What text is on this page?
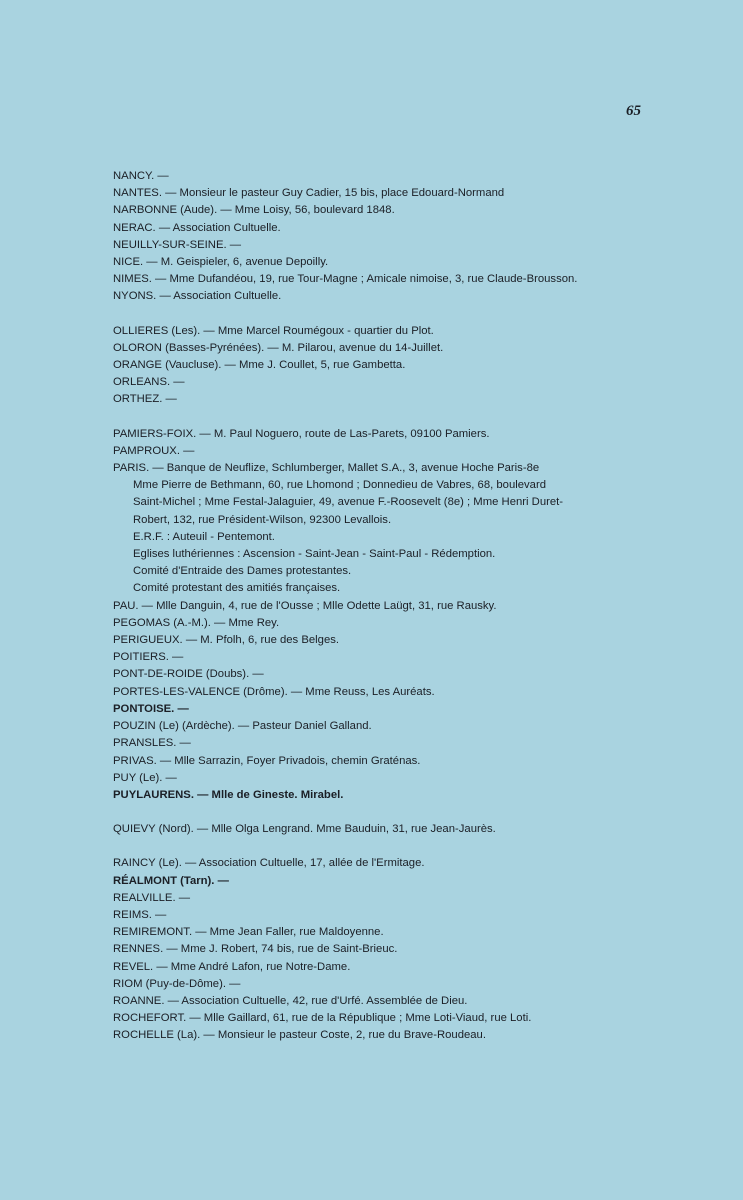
65

NANCY. —

NANTES. — Monsieur le pasteur Guy Cadier, 15 bis, place Edouard-Normand

NARBONNE (Aude). — Mme Loisy, 56, boulevard 1848.

NERAC. — Association Cultuelle.

NEUILLY-SUR-SEINE. —

NICE. — M. Geispieler, 6, avenue Depoilly.

NIMES. — Mme Dufandéou, 19, rue Tour-Magne ; Amicale nimoise, 3, rue Claude-Brousson.

NYONS. — Association Cultuelle.

OLLIERES (Les). — Mme Marcel Roumégoux - quartier du Plot.

OLORON (Basses-Pyrénées). — M. Pilarou, avenue du 14-Juillet.

ORANGE (Vaucluse). — Mme J. Coullet, 5, rue Gambetta.

ORLEANS. —

ORTHEZ. —

PAMIERS-FOIX. — M. Paul Noguero, route de Las-Parets, 09100 Pamiers.

PAMPROUX. —

PARIS. — Banque de Neuflize, Schlumberger, Mallet S.A., 3, avenue Hoche Paris-8e

Mme Pierre de Bethmann, 60, rue Lhomond ; Donnedieu de Vabres, 68, boulevard

Saint-Michel ; Mme Festal-Jalaguier, 49, avenue F.-Roosevelt (8e) ; Mme Henri Duret-

Robert, 132, rue Président-Wilson, 92300 Levallois.

E.R.F. : Auteuil - Pentemont.

Eglises luthériennes : Ascension - Saint-Jean - Saint-Paul - Rédemption.

Comité d'Entraide des Dames protestantes.

Comité protestant des amitiés françaises.

PAU. — Mlle Danguin, 4, rue de l'Ousse ; Mlle Odette Laügt, 31, rue Rausky.

PEGOMAS (A.-M.). — Mme Rey.

PERIGUEUX. — M. Pfolh, 6, rue des Belges.

POITIERS. —

PONT-DE-ROIDE (Doubs). —

PORTES-LES-VALENCE (Drôme). — Mme Reuss, Les Auréats.

PONTOISE. —

POUZIN (Le) (Ardèche). — Pasteur Daniel Galland.

PRANSLES. —

PRIVAS. — Mlle Sarrazin, Foyer Privadois, chemin Graténas.

PUY (Le). —

PUYLAURENS. — Mlle de Gineste. Mirabel.

QUIEVY (Nord). — Mlle Olga Lengrand. Mme Bauduin, 31, rue Jean-Jaurès.

RAINCY (Le). — Association Cultuelle, 17, allée de l'Ermitage.

RÉALMONT (Tarn). —

REALVILLE. —

REIMS. —

REMIREMONT. — Mme Jean Faller, rue Maldoyenne.

RENNES. — Mme J. Robert, 74 bis, rue de Saint-Brieuc.

REVEL. — Mme André Lafon, rue Notre-Dame.

RIOM (Puy-de-Dôme). —

ROANNE. — Association Cultuelle, 42, rue d'Urfé. Assemblée de Dieu.

ROCHEFORT. — Mlle Gaillard, 61, rue de la République ; Mme Loti-Viaud, rue Loti.

ROCHELLE (La). — Monsieur le pasteur Coste, 2, rue du Brave-Roudeau.
